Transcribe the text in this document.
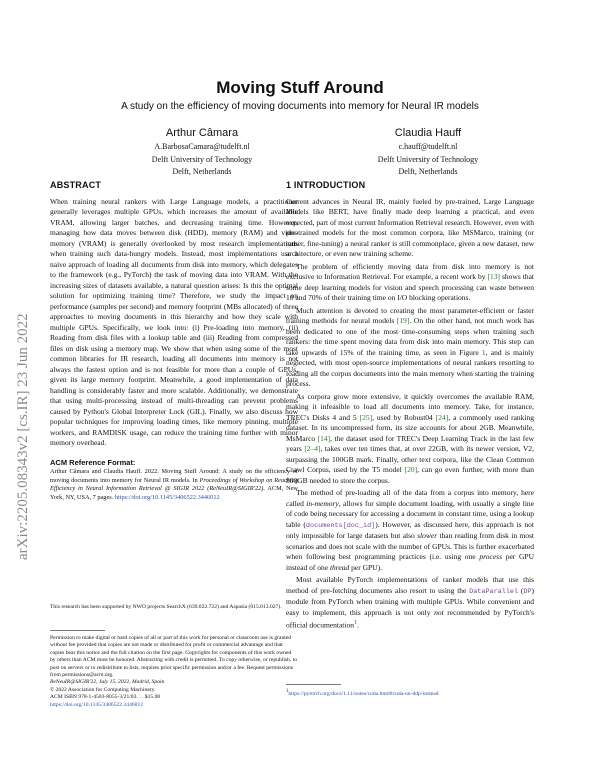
arXiv:2205.08343v2 [cs.IR] 23 Jun 2022
Moving Stuff Around
A study on the efficiency of moving documents into memory for Neural IR models
Arthur Câmara
A.BarbosaCamara@tudelft.nl
Delft University of Technology
Delft, Netherlands
Claudia Hauff
c.hauff@tudelft.nl
Delft University of Technology
Delft, Netherlands
ABSTRACT

When training neural rankers with Large Language models, a practitioner generally leverages multiple GPUs, which increases the amount of available VRAM, allowing larger batches, and decreasing training time. However, managing how data moves between disk (HDD), memory (RAM) and video memory (VRAM) is generally overlooked by most research implementations when training such data-hungry models. Instead, most implementations use a naive approach of loading all documents from disk into memory, which delegates to the framework (e.g., PyTorch) the task of moving data into VRAM. With the increasing sizes of datasets available, a natural question arises: Is this the optimal solution for optimizing training time? Therefore, we study the impact on performance (samples per second) and memory footprint (MBs allocated) of three approaches to moving documents in this hierarchy and how they scale with multiple GPUs. Specifically, we look into: (i) Pre-loading into memory, (ii) Reading from disk files with a lookup table and (iii) Reading from compressed files on disk using a memory map. We show that when using some of the most common libraries for IR research, loading all documents into memory is not always the fastest option and is not feasible for more than a couple of GPUs, given its large memory footprint. Meanwhile, a good implementation of data handling is considerably faster and more scalable. Additionally, we demonstrate that using multi-processing instead of multi-threading can prevent problems caused by Python's Global Interpreter Lock (GIL). Finally, we also discuss how popular techniques for improving loading times, like memory pinning, multiple workers, and RAMDISK usage, can reduce the training time further with minor memory overhead.

ACM Reference Format:

Arthur Câmara and Claudia Hauff. 2022. Moving Stuff Around: A study on the efficiency of moving documents into memory for Neural IR models. In Proceedings of Workshop on Reaching Efficiency in Neural Information Retrieval @ SIGIR 2022 (ReNeuIR@SIGIR'22). ACM, New York, NY, USA, 7 pages. https://doi.org/10.1145/3406522.3446012

This research has been supported by NWO projects SearchX (639.022.722) and Aspasia (015.013.027).
Permission to make digital or hard copies of all or part of this work for personal or classroom use is granted without fee provided that copies are not made or distributed for profit or commercial advantage and that copies bear this notice and the full citation on the first page. Copyrights for components of this work owned by others than ACM must be honored. Abstracting with credit is permitted. To copy otherwise, or republish, to post on servers or to redistribute to lists, requires prior specific permission and/or a fee. Request permissions from permissions@acm.org.
ReNeuIR@SIGIR'22, July 15, 2022, Madrid, Spain
© 2022 Association for Computing Machinery.
ACM ISBN 978-1-4503-8055-3/21/03. . . $15.00
https://doi.org/10.1145/3406522.3446012
1 INTRODUCTION

Current advances in Neural IR, mainly fueled by pre-trained, Large Language Models like BERT, have finally made deep learning a practical, and even expected, part of most current Information Retrieval research. However, even with pre-trained models for the most common corpora, like MSMarco, training (or rather, fine-tuning) a neural ranker is still commonplace, given a new dataset, new architecture, or even new training scheme.

The problem of efficiently moving data from disk into memory is not exclusive to Information Retrieval. For example, a recent work by [13] shows that some deep learning models for vision and speech processing can waste between 10 and 70% of their training time on I/O blocking operations.

Much attention is devoted to creating the most parameter-efficient or faster training methods for neural models [19]. On the other hand, not much work has been dedicated to one of the most time-consuming steps when training such rankers: the time spent moving data from disk into main memory. This step can take upwards of 15% of the training time, as seen in Figure 1, and is mainly neglected, with most open-source implementations of neural rankers resorting to loading all the corpus documents into the main memory when starting the training process.

As corpora grow more extensive, it quickly overcomes the available RAM, making it infeasible to load all documents into memory. Take, for instance, TREC's Disks 4 and 5 [25], used by Robust04 [24], a commonly used ranking dataset. In its uncompressed form, its size accounts for about 2GB. Meanwhile, MsMarco [14], the dataset used for TREC's Deep Learning Track in the last few years [2–4], takes over ten times that, at over 22GB, with its newer version, V2, surpassing the 100GB mark. Finally, other text corpora, like the Clean Common Crawl Corpus, used by the T5 model [20], can go even further, with more than 800GB needed to store the corpus.

The method of pre-loading all of the data from a corpus into memory, here called in-memory, allows for simple document loading, with usually a single line of code being necessary for accessing a document in constant time, using a lookup table (documents[doc_id]). However, as discussed here, this approach is not only impossible for large datasets but also slower than reading from disk in most scenarios and does not scale with the number of GPUs. This is further exacerbated when following best programming practices (i.e. using one process per GPU instead of one thread per GPU).

Most available PyTorch implementations of ranker models that use this method of pre-fetching documents also resort to using the DataParallel (DP) module from PyTorch when training with multiple GPUs. While convenient and easy to implement, this approach is not only not recommended by PyTorch's official documentation$^1$.

$^1$https://pytorch.org/docs/1.11/notes/cuda.html#cuda-nn-ddp-instead
